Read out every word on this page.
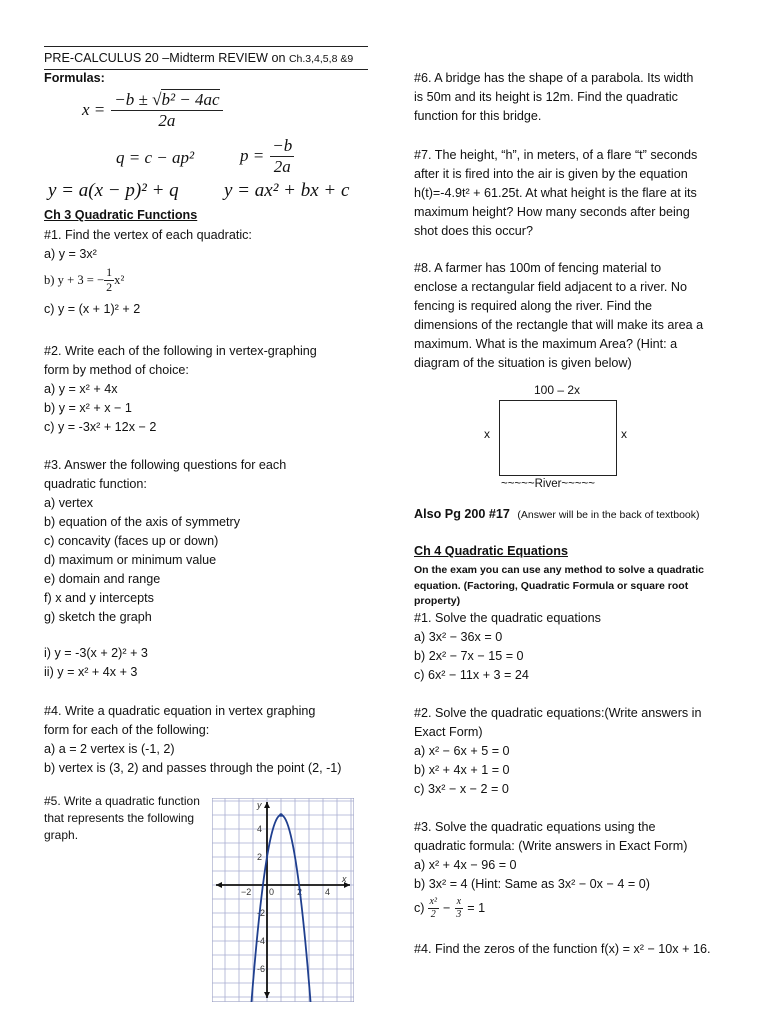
PRE-CALCULUS 20 –Midterm REVIEW on Ch.3,4,5,8 &9
Formulas:
$x = \frac{\text{−b ± √b² − 4ac}}{2a}$
q = c − ap²	$p = \frac{-b}{2a}$
y = a(x − p)² + q y = ax² + bx + c
Ch 3 Quadratic Functions

#1. Find the vertex of each quadratic:

a) y = 3x²

b) y + 3 = − $\frac{1}{2} x^2$

c) y = (x + 1)² + 2

#2. Write each of the following in vertex-graphing

form by method of choice:

a) y = x² + 4x

b) y = x² + x − 1

c) y = -3x² + 12x − 2

#3. Answer the following questions for each

quadratic function:

a) vertex

b) equation of the axis of symmetry

c) concavity (faces up or down)

d) maximum or minimum value

e) domain and range

f) x and y intercepts

g) sketch the graph

i) y = -3(x + 2)² + 3

ii) y = x² + 4x + 3

#4. Write a quadratic equation in vertex graphing

form for each of the following:

a) a = 2 vertex is (-1, 2)

b) vertex is (3, 2) and passes through the point (2, -1)

#5. Write a quadratic function

that represents the following

graph.

−2 0	2	4
4
2
-2
-4
-6
x
y

#6. A bridge has the shape of a parabola. Its width

is 50m and its height is 12m. Find the quadratic

function for this bridge.

#7. The height, “h”, in meters, of a flare “t” seconds

after it is fired into the air is given by the equation

h(t)=-4.9t² + 61.25t. At what height is the flare at its

maximum height? How many seconds after being

shot does this occur?

#8. A farmer has 100m of fencing material to

enclose a rectangular field adjacent to a river. No

fencing is required along the river. Find the

dimensions of the rectangle that will make its area a

maximum. What is the maximum Area? (Hint: a

diagram of the situation is given below)

100 – 2x
x	x
~~~~~River~~~~~
Also Pg 200 #17 (Answer will be in the back of textbook)
Ch 4 Quadratic Equations

On the exam you can use any method to solve a quadratic

equation. (Factoring, Quadratic Formula or square root

property)

#1. Solve the quadratic equations

a) 3x² − 36x = 0

b) 2x² − 7x − 15 = 0

c) 6x² − 11x + 3 = 24

#2. Solve the quadratic equations:(Write answers in

Exact Form)

a) x² − 6x + 5 = 0

b) x² + 4x + 1 = 0

c) 3x² − x − 2 = 0

#3. Solve the quadratic equations using the

quadratic formula: (Write answers in Exact Form)

a) x² + 4x − 96 = 0

b) 3x² = 4 (Hint: Same as 3x² − 0x − 4 = 0)

$c) \frac{\text{x²}}{2} - \frac{x}{3} = 1$
#4. Find the zeros of the function f(x) = x² − 10x + 16.
